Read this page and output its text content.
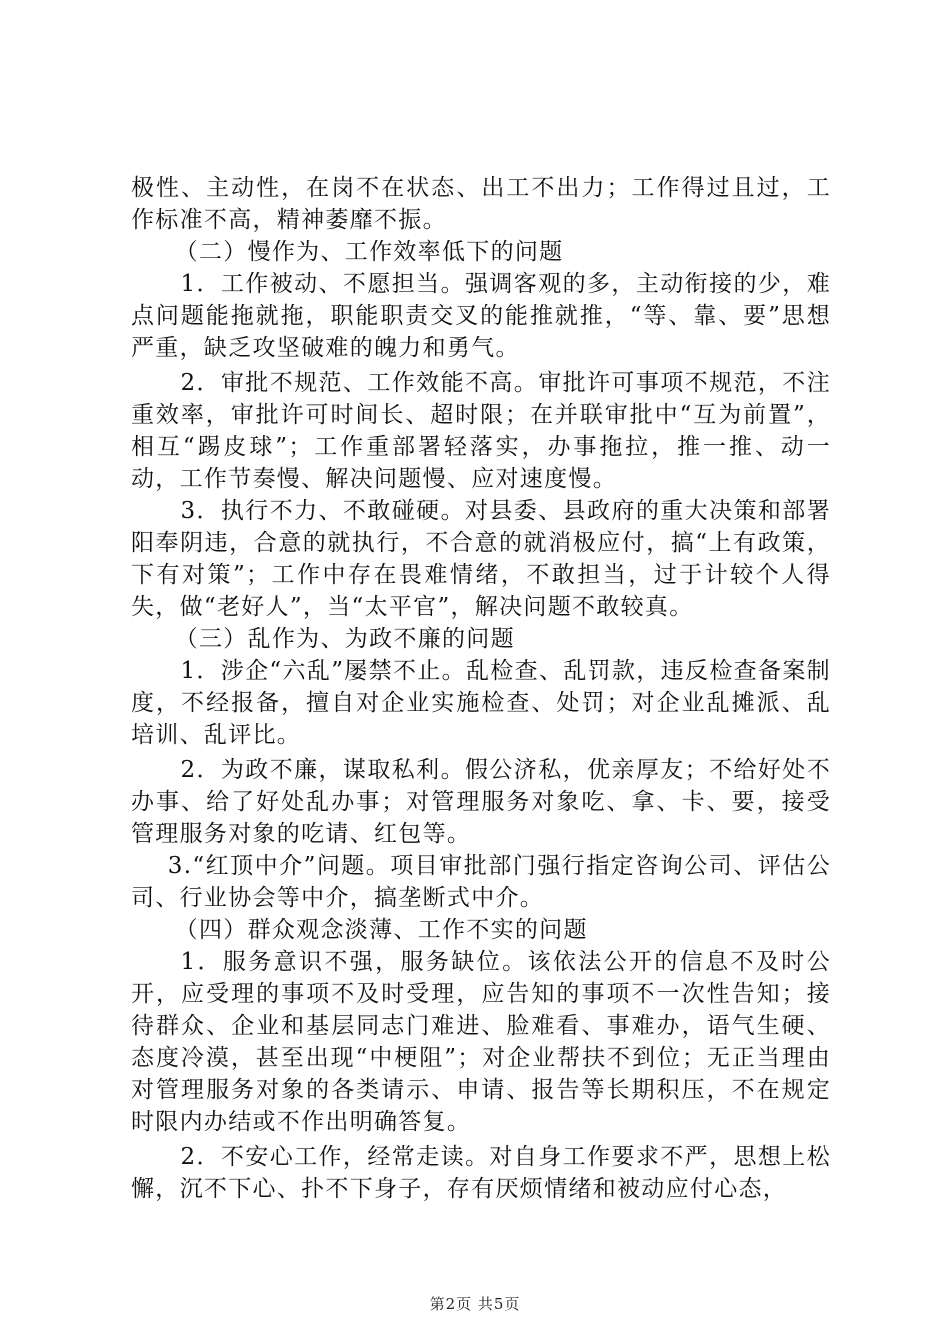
极性、主动性，在岗不在状态、出工不出力；工作得过且过，工作标准不高，精神萎靡不振。

（二）慢作为、工作效率低下的问题

1．工作被动、不愿担当。强调客观的多，主动衔接的少，难点问题能拖就拖，职能职责交叉的能推就推，“等、靠、要”思想严重，缺乏攻坚破难的魄力和勇气。

2．审批不规范、工作效能不高。审批许可事项不规范，不注重效率，审批许可时间长、超时限；在并联审批中“互为前置”，相互“踢皮球”；工作重部署轻落实，办事拖拉，推一推、动一动，工作节奏慢、解决问题慢、应对速度慢。

3．执行不力、不敢碰硬。对县委、县政府的重大决策和部署阳奉阴违，合意的就执行，不合意的就消极应付，搞“上有政策，下有对策”；工作中存在畏难情绪，不敢担当，过于计较个人得失，做“老好人”，当“太平官”，解决问题不敢较真。

（三）乱作为、为政不廉的问题

1．涉企“六乱”屡禁不止。乱检查、乱罚款，违反检查备案制度，不经报备，擅自对企业实施检查、处罚；对企业乱摊派、乱培训、乱评比。

2．为政不廉，谋取私利。假公济私，优亲厚友；不给好处不办事、给了好处乱办事；对管理服务对象吃、拿、卡、要，接受管理服务对象的吃请、红包等。

3.“红顶中介”问题。项目审批部门强行指定咨询公司、评估公司、行业协会等中介，搞垄断式中介。

（四）群众观念淡薄、工作不实的问题

1．服务意识不强，服务缺位。该依法公开的信息不及时公开，应受理的事项不及时受理，应告知的事项不一次性告知；接待群众、企业和基层同志门难进、脸难看、事难办，语气生硬、态度冷漠，甚至出现“中梗阻”；对企业帮扶不到位；无正当理由对管理服务对象的各类请示、申请、报告等长期积压，不在规定时限内办结或不作出明确答复。

2．不安心工作，经常走读。对自身工作要求不严，思想上松懈，沉不下心、扑不下身子，存有厌烦情绪和被动应付心态，

第2页 共5页
